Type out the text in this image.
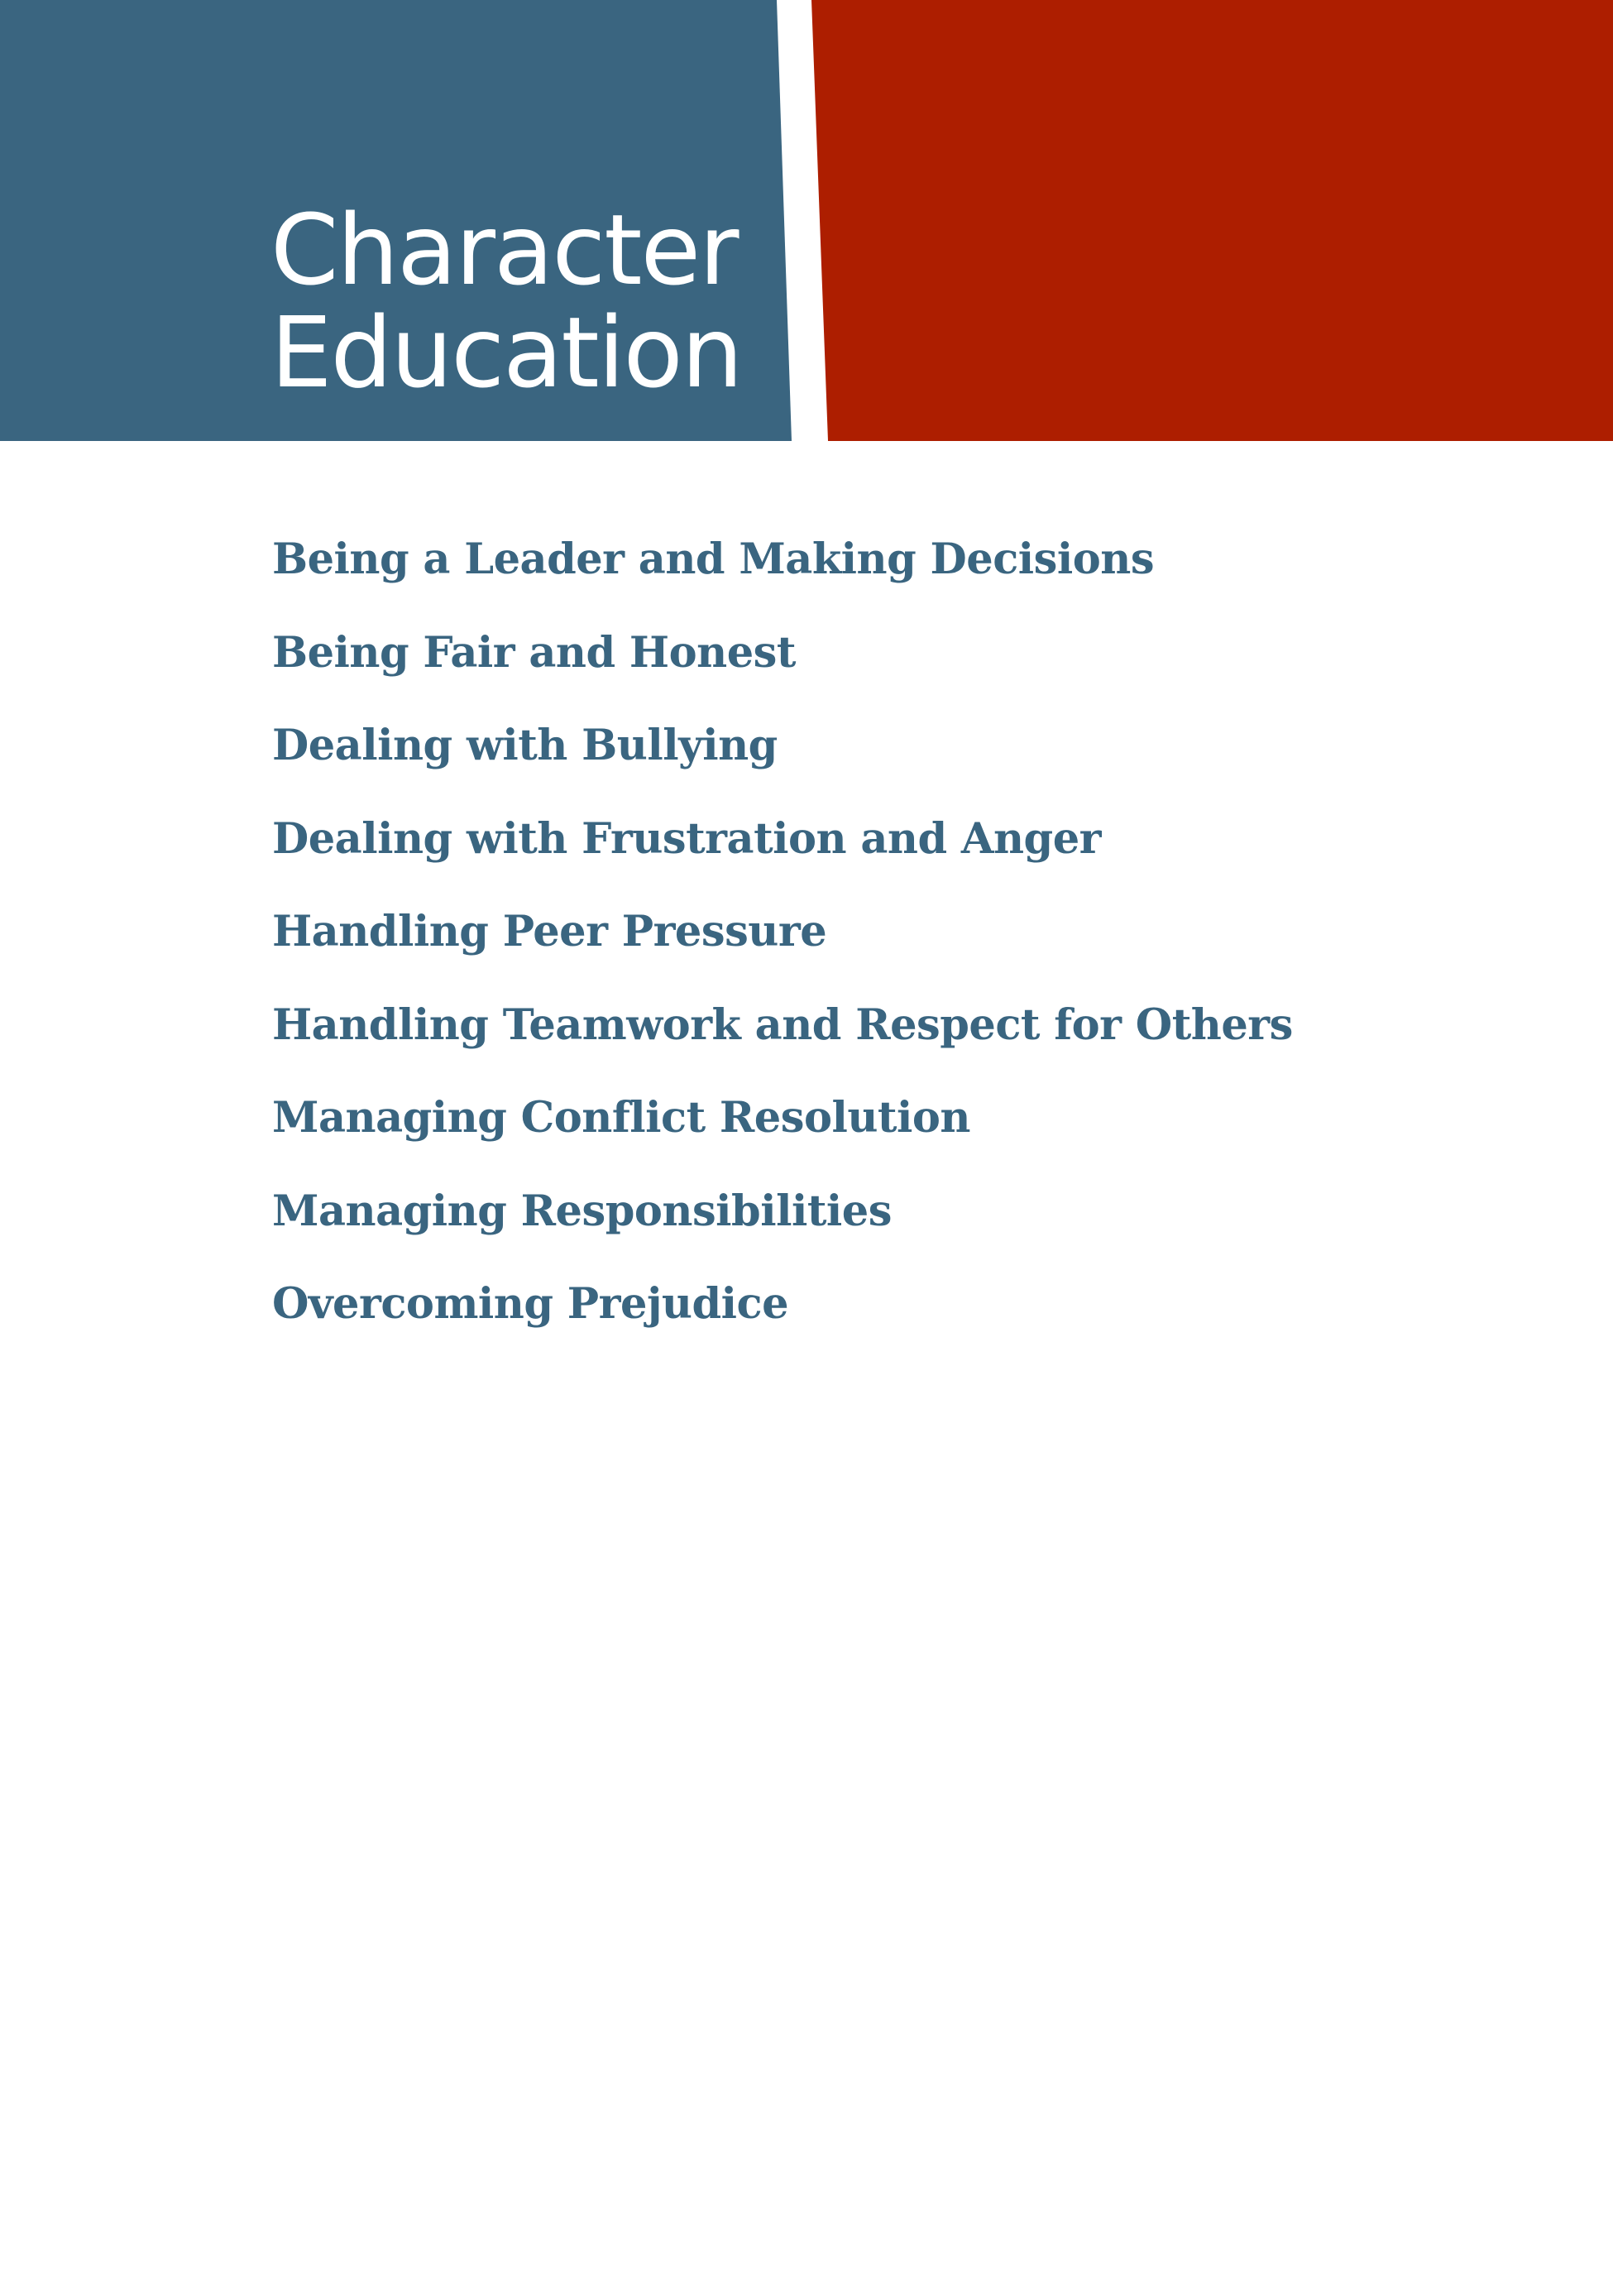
Character
Education
Being a Leader and Making Decisions
Being Fair and Honest
Dealing with Bullying
Dealing with Frustration and Anger
Handling Peer Pressure
Handling Teamwork and Respect for Others
Managing Conflict Resolution
Managing Responsibilities
Overcoming Prejudice
